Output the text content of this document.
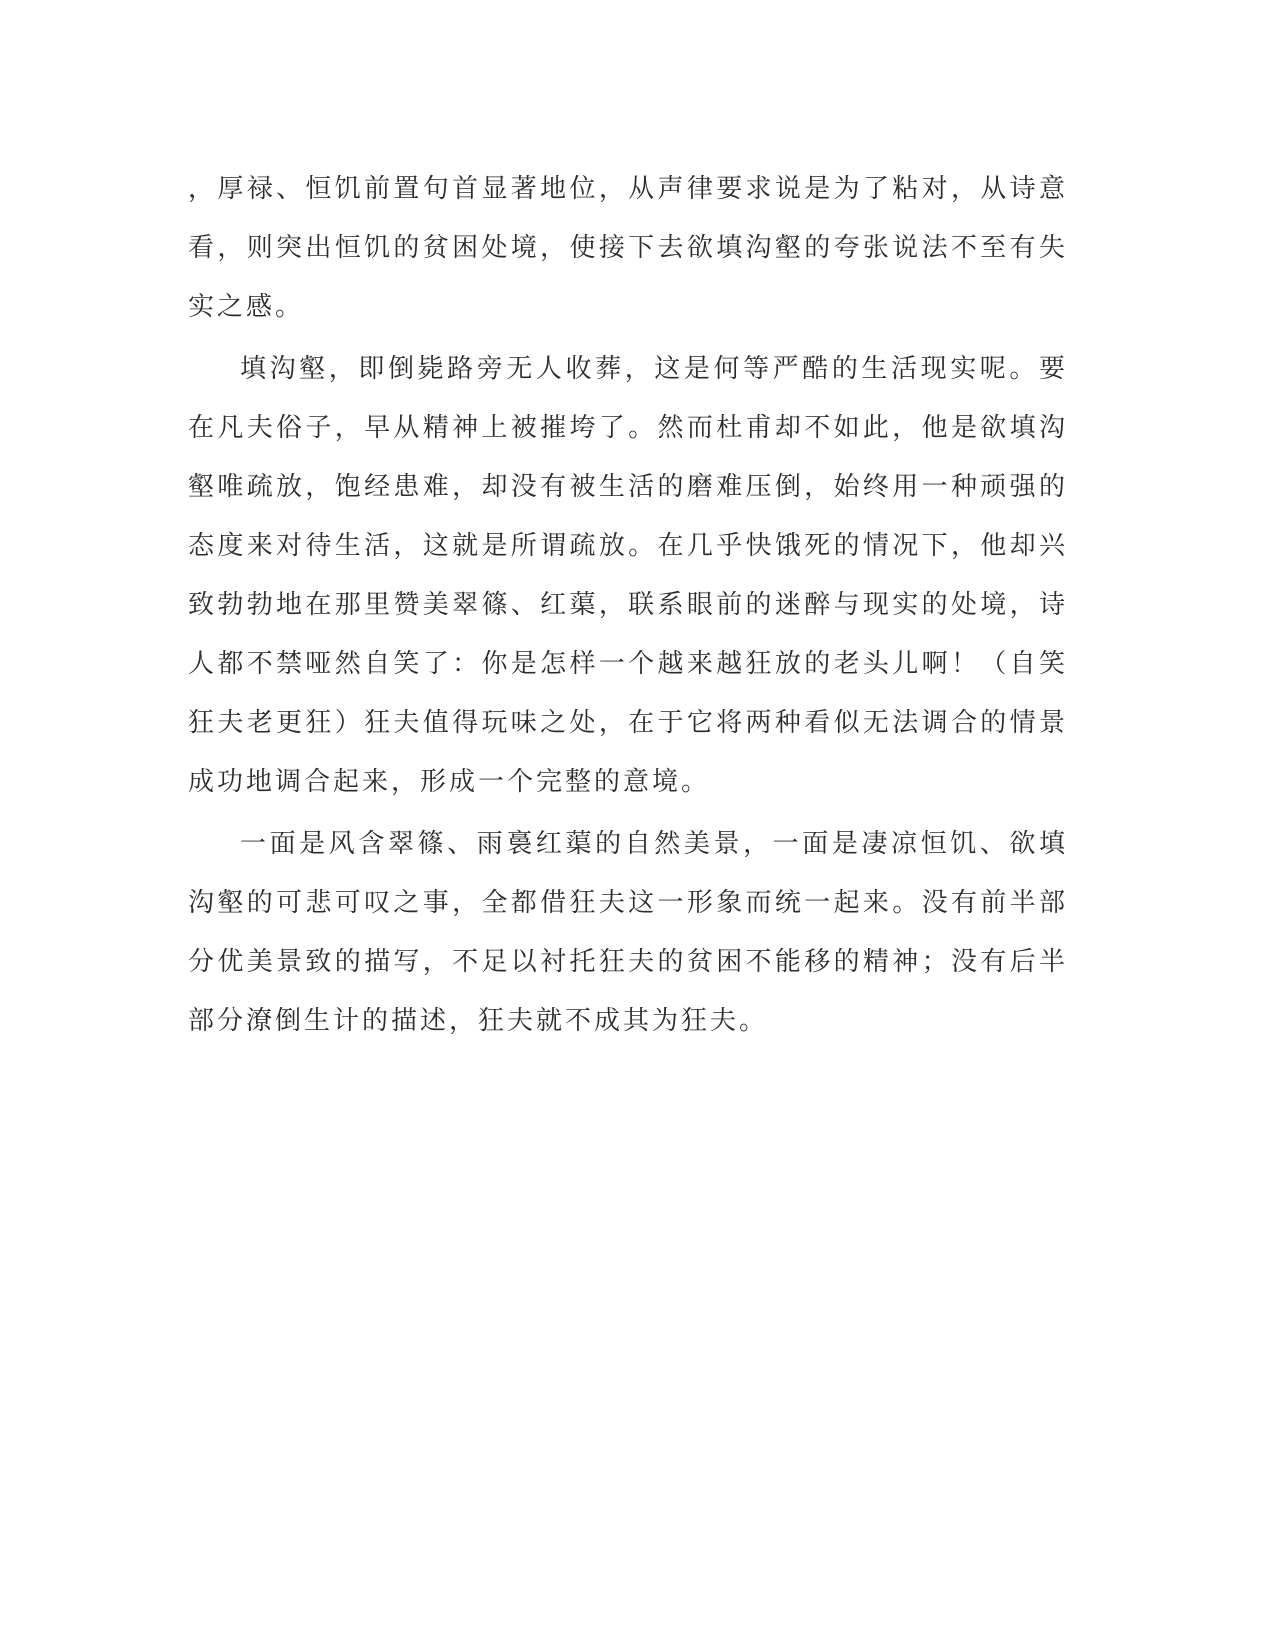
，厚禄、恒饥前置句首显著地位，从声律要求说是为了粘对，从诗意看，则突出恒饥的贫困处境，使接下去欲填沟壑的夸张说法不至有失实之感。

填沟壑，即倒毙路旁无人收葬，这是何等严酷的生活现实呢。要在凡夫俗子，早从精神上被摧垮了。然而杜甫却不如此，他是欲填沟壑唯疏放，饱经患难，却没有被生活的磨难压倒，始终用一种顽强的态度来对待生活，这就是所谓疏放。在几乎快饿死的情况下，他却兴致勃勃地在那里赞美翠篠、红蕖，联系眼前的迷醉与现实的处境，诗人都不禁哑然自笑了：你是怎样一个越来越狂放的老头儿啊！（自笑狂夫老更狂）狂夫值得玩味之处，在于它将两种看似无法调合的情景成功地调合起来，形成一个完整的意境。

一面是风含翠篠、雨裛红蕖的自然美景，一面是凄凉恒饥、欲填沟壑的可悲可叹之事，全都借狂夫这一形象而统一起来。没有前半部分优美景致的描写，不足以衬托狂夫的贫困不能移的精神；没有后半部分潦倒生计的描述，狂夫就不成其为狂夫。
